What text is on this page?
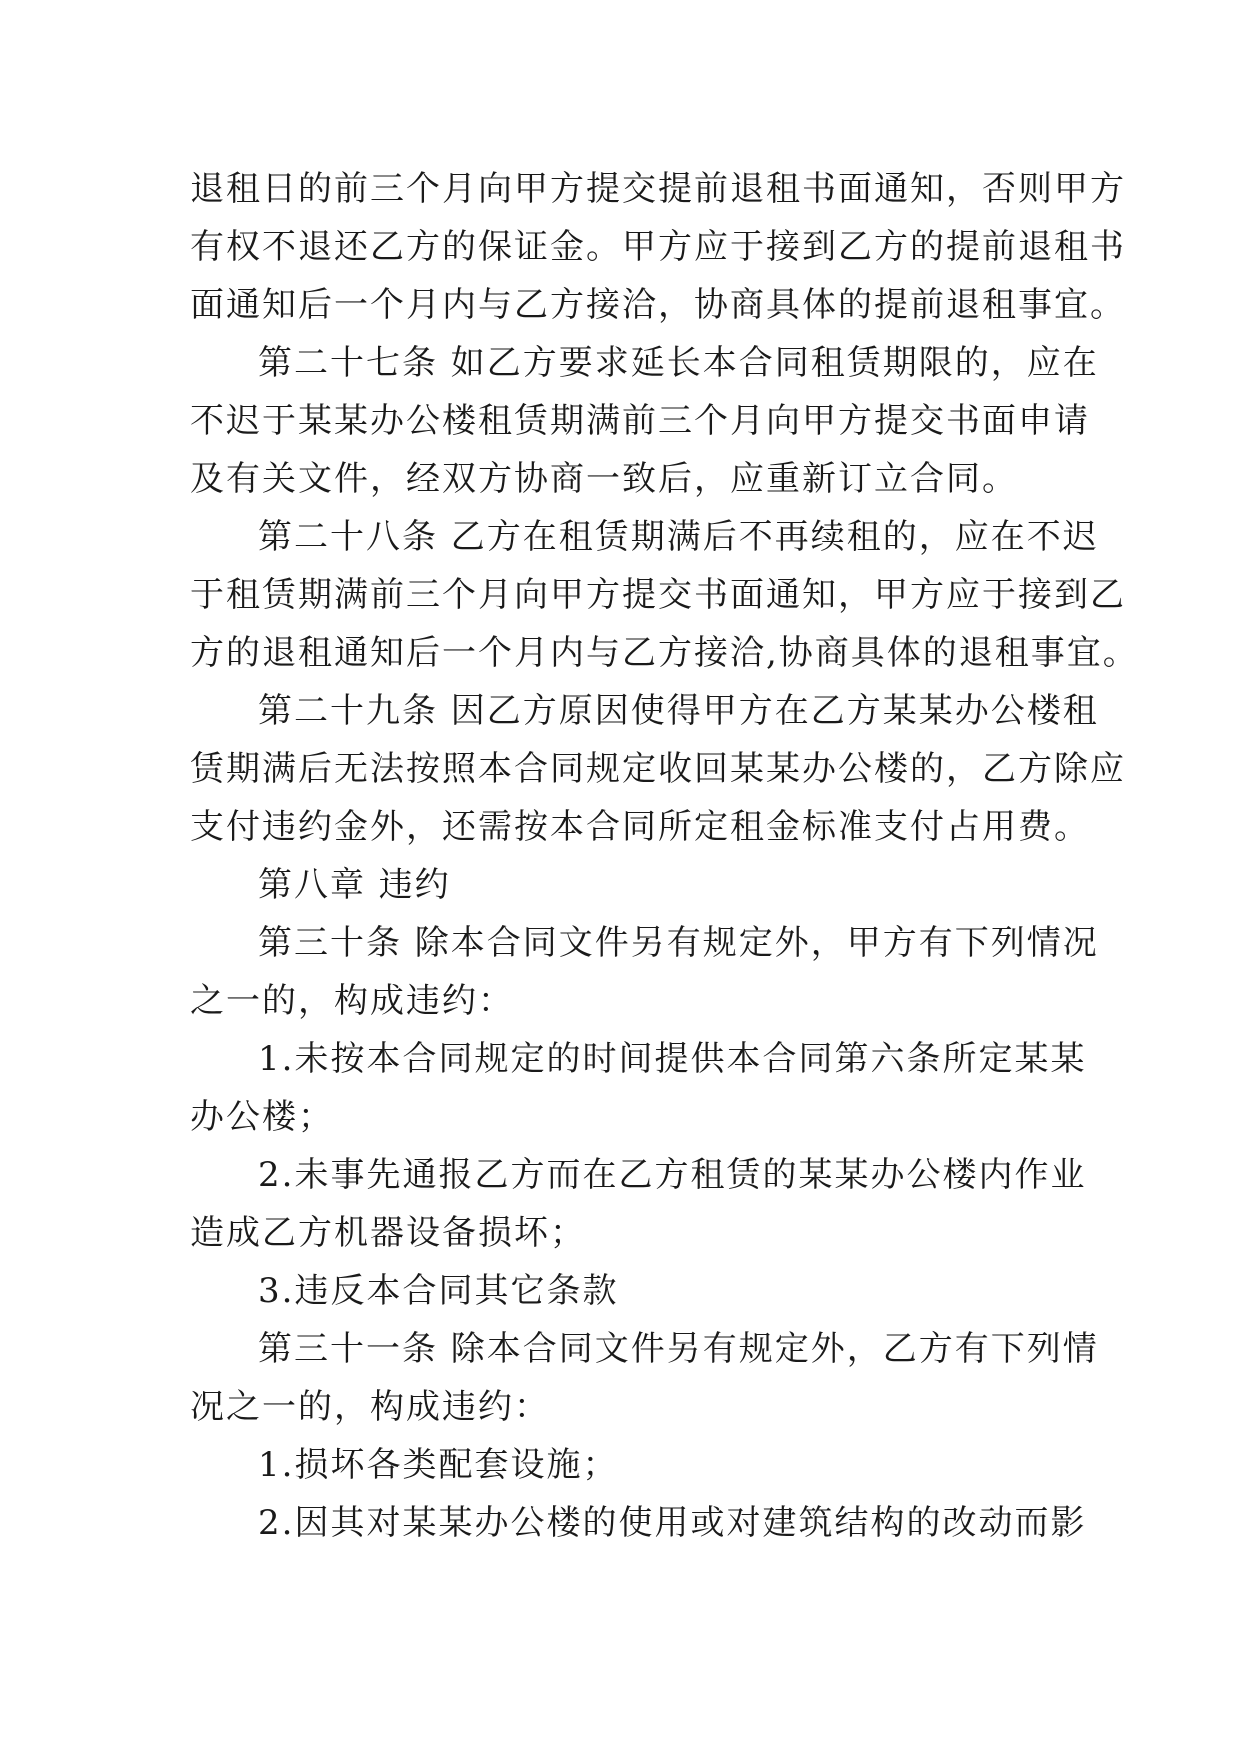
退租日的前三个月向甲方提交提前退租书面通知，否则甲方
有权不退还乙方的保证金。甲方应于接到乙方的提前退租书
面通知后一个月内与乙方接洽，协商具体的提前退租事宜。
第二十七条 如乙方要求延长本合同租赁期限的，应在
不迟于某某办公楼租赁期满前三个月向甲方提交书面申请
及有关文件，经双方协商一致后，应重新订立合同。
第二十八条 乙方在租赁期满后不再续租的，应在不迟
于租赁期满前三个月向甲方提交书面通知，甲方应于接到乙
方的退租通知后一个月内与乙方接洽,协商具体的退租事宜。
第二十九条 因乙方原因使得甲方在乙方某某办公楼租
赁期满后无法按照本合同规定收回某某办公楼的，乙方除应
支付违约金外，还需按本合同所定租金标准支付占用费。
第八章 违约
第三十条 除本合同文件另有规定外，甲方有下列情况
之一的，构成违约：
1.未按本合同规定的时间提供本合同第六条所定某某
办公楼；
2.未事先通报乙方而在乙方租赁的某某办公楼内作业
造成乙方机器设备损坏；
3.违反本合同其它条款
第三十一条 除本合同文件另有规定外，乙方有下列情
况之一的，构成违约：
1.损坏各类配套设施；
2.因其对某某办公楼的使用或对建筑结构的改动而影
